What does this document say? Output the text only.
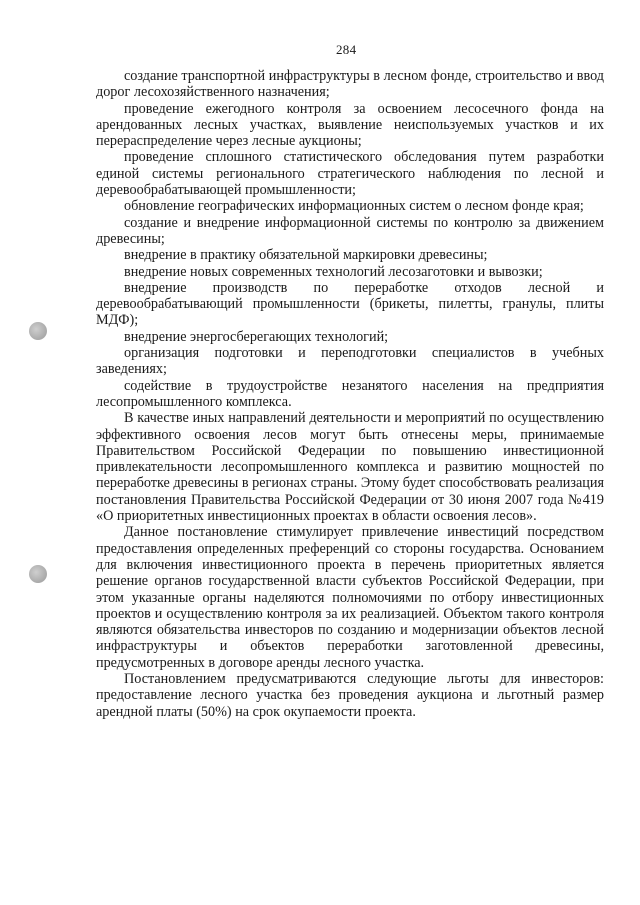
284

создание транспортной инфраструктуры в лесном фонде, строительство и ввод дорог лесохозяйственного назначения;

проведение ежегодного контроля за освоением лесосечного фонда на арендованных лесных участках, выявление неиспользуемых участков и их перераспределение через лесные аукционы;

проведение сплошного статистического обследования путем разработки единой системы регионального стратегического наблюдения по лесной и деревообрабатывающей промышленности;

обновление географических информационных систем о лесном фонде края;

создание и внедрение информационной системы по контролю за движением древесины;

внедрение в практику обязательной маркировки древесины;

внедрение новых современных технологий лесозаготовки и вывозки;

внедрение производств по переработке отходов лесной и деревообрабатывающий промышленности (брикеты, пилетты, гранулы, плиты МДФ);

внедрение энергосберегающих технологий;

организация подготовки и переподготовки специалистов в учебных заведениях;

содействие в трудоустройстве незанятого населения на предприятия лесопромышленного комплекса.

В качестве иных направлений деятельности и мероприятий по осуществлению эффективного освоения лесов могут быть отнесены меры, принимаемые Правительством Российской Федерации по повышению инвестиционной привлекательности лесопромышленного комплекса и развитию мощностей по переработке древесины в регионах страны. Этому будет способствовать реализация постановления Правительства Российской Федерации от 30 июня 2007 года №419 «О приоритетных инвестиционных проектах в области освоения лесов».

Данное постановление стимулирует привлечение инвестиций посредством предоставления определенных преференций со стороны государства. Основанием для включения инвестиционного проекта в перечень приоритетных является решение органов государственной власти субъектов Российской Федерации, при этом указанные органы наделяются полномочиями по отбору инвестиционных проектов и осуществлению контроля за их реализацией. Объектом такого контроля являются обязательства инвесторов по созданию и модернизации объектов лесной инфраструктуры и объектов переработки заготовленной древесины, предусмотренных в договоре аренды лесного участка.

Постановлением предусматриваются следующие льготы для инвесторов: предоставление лесного участка без проведения аукциона и льготный размер арендной платы (50%) на срок окупаемости проекта.
